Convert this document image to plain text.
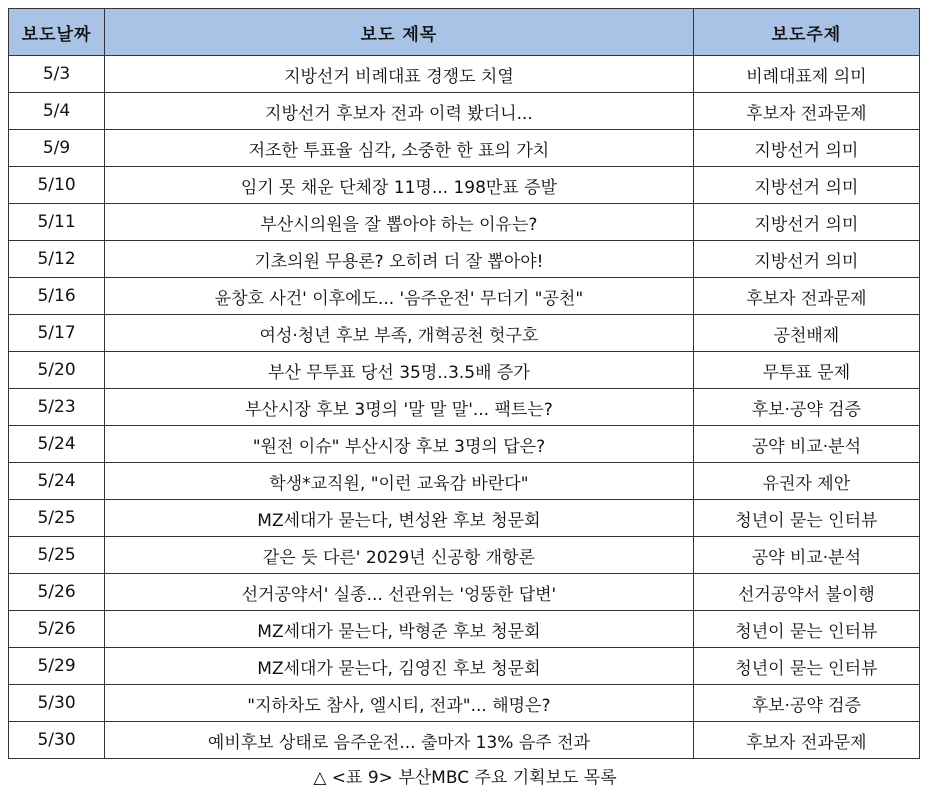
보도날짜	보도 제목	보도주제
5/3	지방선거 비례대표 경쟁도 치열	비례대표제 의미
5/4	지방선거 후보자 전과 이력 봤더니...	후보자 전과문제
5/9	저조한 투표율 심각, 소중한 한 표의 가치	지방선거 의미
5/10	임기 못 채운 단체장 11명... 198만표 증발	지방선거 의미
5/11	부산시의원을 잘 뽑아야 하는 이유는?	지방선거 의미
5/12	기초의원 무용론? 오히려 더 잘 뽑아야!	지방선거 의미
5/16	윤창호 사건' 이후에도... '음주운전' 무더기 "공천"	후보자 전과문제
5/17	여성·청년 후보 부족, 개혁공천 헛구호	공천배제
5/20	부산 무투표 당선 35명..3.5배 증가	무투표 문제
5/23	부산시장 후보 3명의 '말 말 말'... 팩트는?	후보·공약 검증
5/24	"원전 이슈" 부산시장 후보 3명의 답은?	공약 비교·분석
5/24	학생*교직원, "이런 교육감 바란다"	유권자 제안
5/25	MZ세대가 묻는다, 변성완 후보 청문회	청년이 묻는 인터뷰
5/25	같은 듯 다른' 2029년 신공항 개항론	공약 비교·분석
5/26	선거공약서' 실종... 선관위는 '엉뚱한 답변'	선거공약서 불이행
5/26	MZ세대가 묻는다, 박형준 후보 청문회	청년이 묻는 인터뷰
5/29	MZ세대가 묻는다, 김영진 후보 청문회	청년이 묻는 인터뷰
5/30	"지하차도 참사, 엘시티, 전과"... 해명은?	후보·공약 검증
5/30	예비후보 상태로 음주운전... 출마자 13% 음주 전과	후보자 전과문제
△ <표 9> 부산MBC 주요 기획보도 목록
